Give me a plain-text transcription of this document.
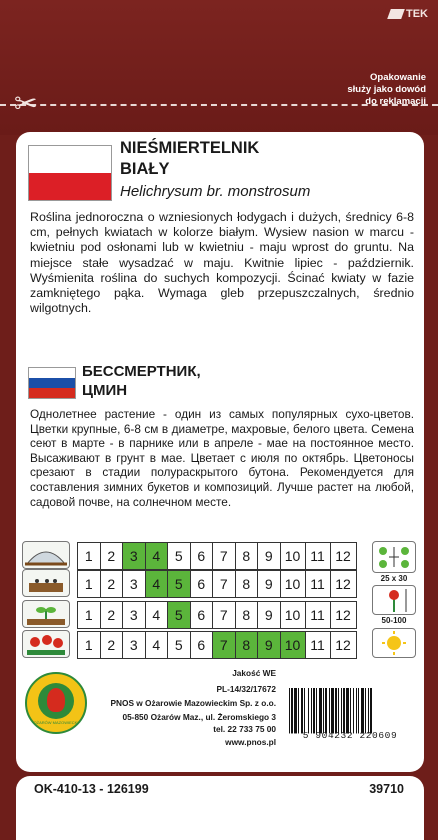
TEK
Opakowanie
służy jako dowód
do reklamacji
✂
NIEŚMIERTELNIK
BIAŁY
Helichrysum br. monstrosum
Roślina jednoroczna o wzniesionych łodygach i dużych, średnicy 6-8 cm, pełnych kwiatach w kolorze białym. Wysiew nasion w marcu - kwietniu pod osłonami lub w kwietniu - maju wprost do gruntu. Na miejsce stałe wysadzać w maju. Kwitnie lipiec - październik. Wyśmienita roślina do suchych kompozycji. Ścinać kwiaty w fazie zamkniętego pąka. Wymaga gleb przepuszczalnych, średnio wilgotnych.
БЕССМЕРТНИК,
ЦМИН
Однолетнее растение - один из самых популярных сухо-цветов. Цветки крупные, 6-8 см в диаметре, махровые, белого цвета. Семена сеют в марте - в парнике или в апреле - мае на постоянное место. Высаживают в грунт в мае. Цветает с июля по октябрь. Цветоносы срезают в стадии полураскрытого бутона. Рекомендуется для составления зимних букетов и композиций. Лучше растет на любой, садовой почве, на солнечном месте.
1	2	3	4	5	6	7	8	9 10 11 12
1	2	3	4	5	6	7	8	9 10 11 12
1	2	3	4	5	6	7	8	9 10 11 12
1	2	3	4	5	6	7	8	9 10 11 12
25 x 30
50-100
OŻARÓW MAZOWIECKI
Jakość WE
PL-14/32/17672
PNOS w Ożarowie Mazowieckim Sp. z o.o.
05-850 Ożarów Maz., ul. Żeromskiego 3
tel. 22 733 75 00
www.pnos.pl
5 904232 220609
OK-410-13 - 126199	39710
